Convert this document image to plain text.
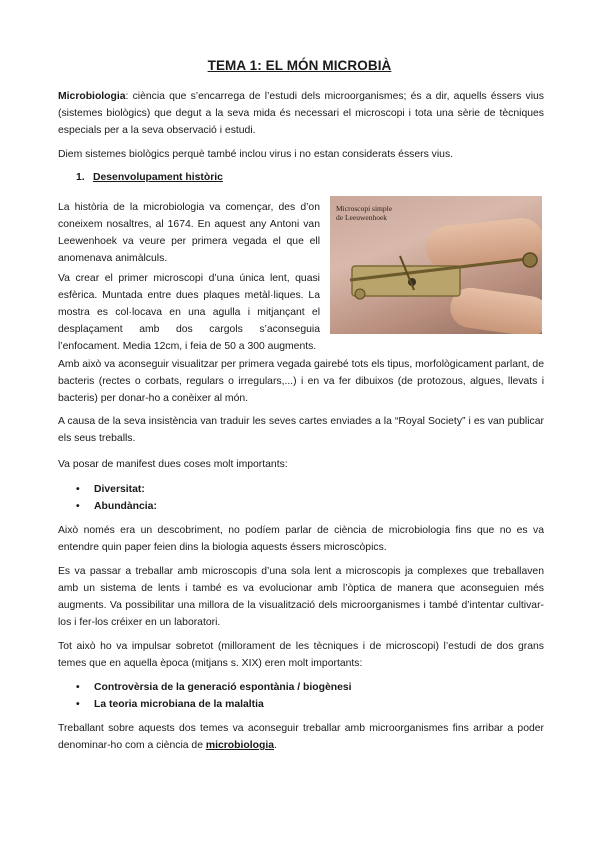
TEMA 1: EL MÓN MICROBIÀ

Microbiologia: ciència que s’encarrega de l’estudi dels microorganismes; és a dir, aquells éssers vius (sistemes biològics) que degut a la seva mida és necessari el microscopi i tota una sèrie de tècniques especials per a la seva observació i estudi.

Diem sistemes biològics perquè també inclou virus i no estan considerats éssers vius.

1. Desenvolupament històric

La història de la microbiologia va començar, des d’on coneixem nosaltres, al 1674. En aquest any Antoni van Leewenhoek va veure per primera vegada el que ell anomenava animàlculs.

Va crear el primer microscopi d’una única lent, quasi esfèrica. Muntada entre dues plaques metàl·liques. La mostra es col·locava en una agulla i mitjançant el desplaçament amb dos cargols s’aconseguia l’enfocament. Media 12cm, i feia de 50 a 300 augments.

Microscopi simple
de Leeuwenhoek

Amb això va aconseguir visualitzar per primera vegada gairebé tots els tipus, morfològicament parlant, de bacteris (rectes o corbats, regulars o irregulars,...) i en va fer dibuixos (de protozous, algues, llevats i bacteris) per donar-ho a conèixer al món.

A causa de la seva insistència van traduir les seves cartes enviades a la “Royal Society” i es van publicar els seus treballs.

Va posar de manifest dues coses molt importants:

• Diversitat:
• Abundància:

Això només era un descobriment, no podíem parlar de ciència de microbiologia fins que no es va entendre quin paper feien dins la biologia aquests éssers microscòpics.

Es va passar a treballar amb microscopis d’una sola lent a microscopis ja complexes que treballaven amb un sistema de lents i també es va evolucionar amb l’òptica de manera que aconseguien més augments. Va possibilitar una millora de la visualització dels microorganismes i també d’intentar cultivar-los i fer-los créixer en un laboratori.

Tot això ho va impulsar sobretot (millorament de les tècniques i de microscopi) l’estudi de dos grans temes que en aquella època (mitjans s. XIX) eren molt importants:

• Controvèrsia de la generació espontània / biogènesi
• La teoria microbiana de la malaltia

Treballant sobre aquests dos temes va aconseguir treballar amb microorganismes fins arribar a poder denominar-ho com a ciència de microbiologia.
